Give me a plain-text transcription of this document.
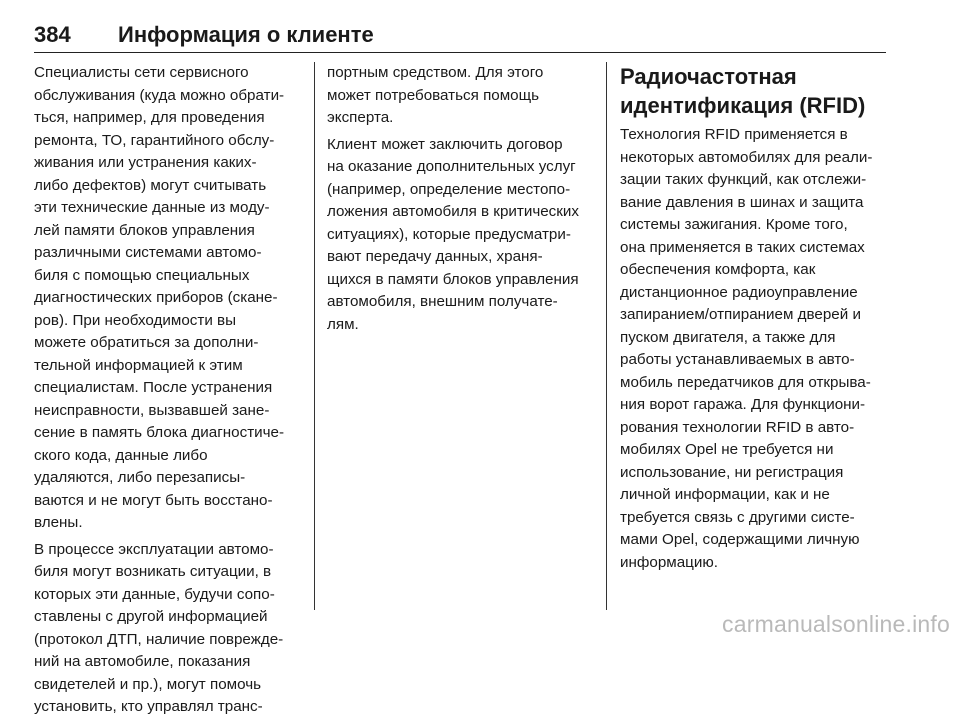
384 Информация о клиенте

Специалисты сети сервисного
обслуживания (куда можно обрати-
ться, например, для проведения
ремонта, ТО, гарантийного обслу-
живания или устранения каких-
либо дефектов) могут считывать
эти технические данные из моду-
лей памяти блоков управления
различными системами автомо-
биля с помощью специальных
диагностических приборов (скане-
ров). При необходимости вы
можете обратиться за дополни-
тельной информацией к этим
специалистам. После устранения
неисправности, вызвавшей зане-
сение в память блока диагностиче-
ского кода, данные либо
удаляются, либо перезаписы-
ваются и не могут быть восстано-
влены.

В процессе эксплуатации автомо-
биля могут возникать ситуации, в
которых эти данные, будучи сопо-
ставлены с другой информацией
(протокол ДТП, наличие поврежде-
ний на автомобиле, показания
свидетелей и пр.), могут помочь
установить, кто управлял транс-

портным средством. Для этого
может потребоваться помощь
эксперта.

Клиент может заключить договор
на оказание дополнительных услуг
(например, определение местопо-
ложения автомобиля в критических
ситуациях), которые предусматри-
вают передачу данных, храня-
щихся в памяти блоков управления
автомобиля, внешним получате-
лям.

Радиочастотная
идентификация (RFID)

Технология RFID применяется в
некоторых автомобилях для реали-
зации таких функций, как отслежи-
вание давления в шинах и защита
системы зажигания. Кроме того,
она применяется в таких системах
обеспечения комфорта, как
дистанционное радиоуправление
запиранием/отпиранием дверей и
пуском двигателя, а также для
работы устанавливаемых в авто-
мобиль передатчиков для открыва-
ния ворот гаража. Для функциони-
рования технологии RFID в авто-
мобилях Opel не требуется ни
использование, ни регистрация
личной информации, как и не
требуется связь с другими систе-
мами Opel, содержащими личную
информацию.

carmanualsonline.info
